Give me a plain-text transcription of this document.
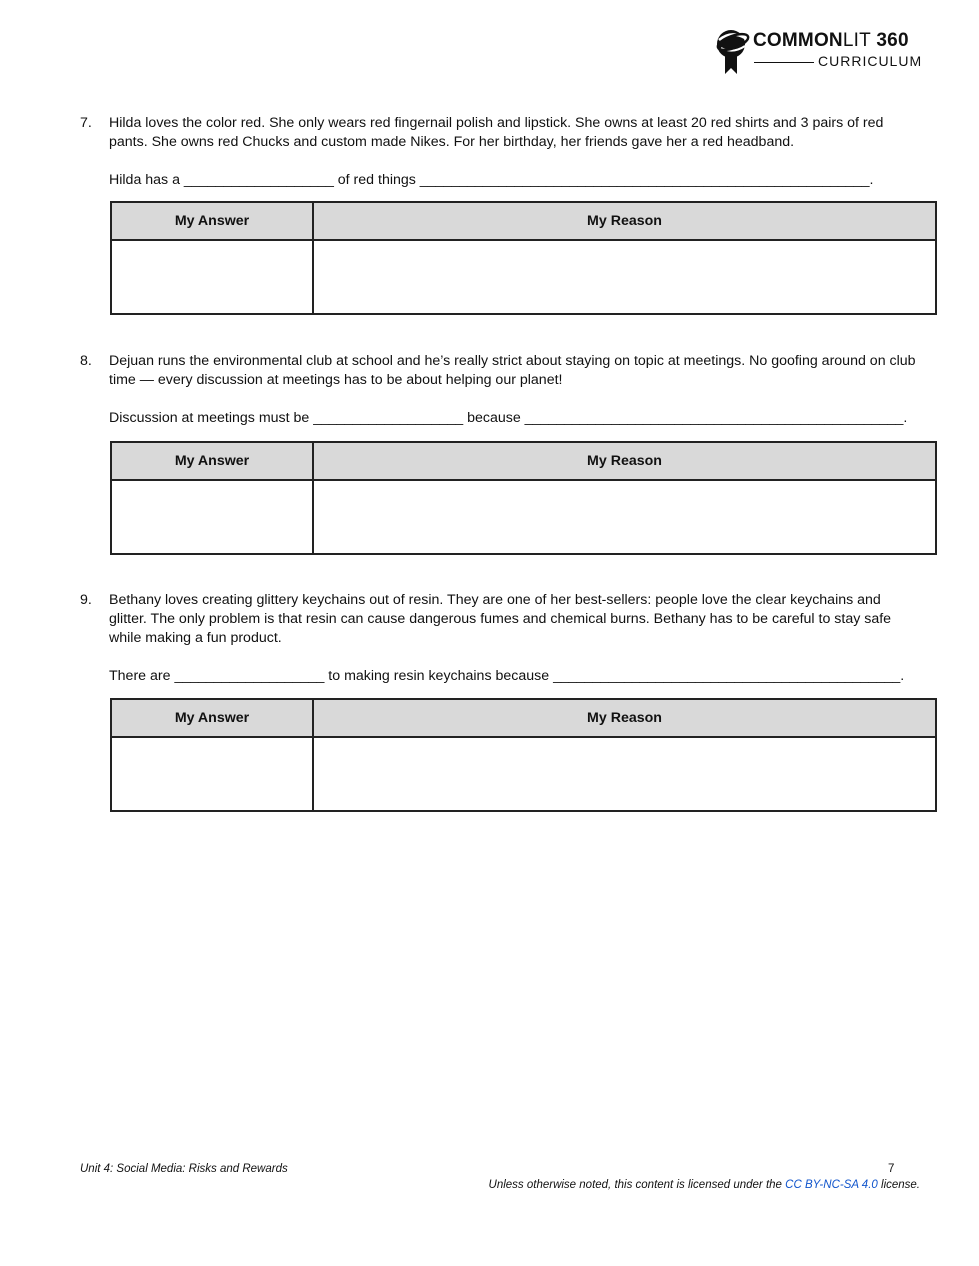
COMMONLIT 360
CURRICULUM
7.	Hilda loves the color red. She only wears red fingernail polish and lipstick. She owns at least 20 red shirts and 3 pairs of red pants. She owns red Chucks and custom made Nikes. For her birthday, her friends gave her a red headband.
Hilda has a ___________________ of red things _________________________________________________________.
My Answer	My Reason

8.	Dejuan runs the environmental club at school and he’s really strict about staying on topic at meetings. No goofing around on club time — every discussion at meetings has to be about helping our planet!
Discussion at meetings must be ___________________ because ________________________________________________.
My Answer	My Reason

9.	Bethany loves creating glittery keychains out of resin. They are one of her best-sellers: people love the clear keychains and glitter. The only problem is that resin can cause dangerous fumes and chemical burns. Bethany has to be careful to stay safe while making a fun product.
There are ___________________ to making resin keychains because ____________________________________________.
My Answer	My Reason

Unit 4: Social Media: Risks and Rewards	7
Unless otherwise noted, this content is licensed under the CC BY-NC-SA 4.0 license.
